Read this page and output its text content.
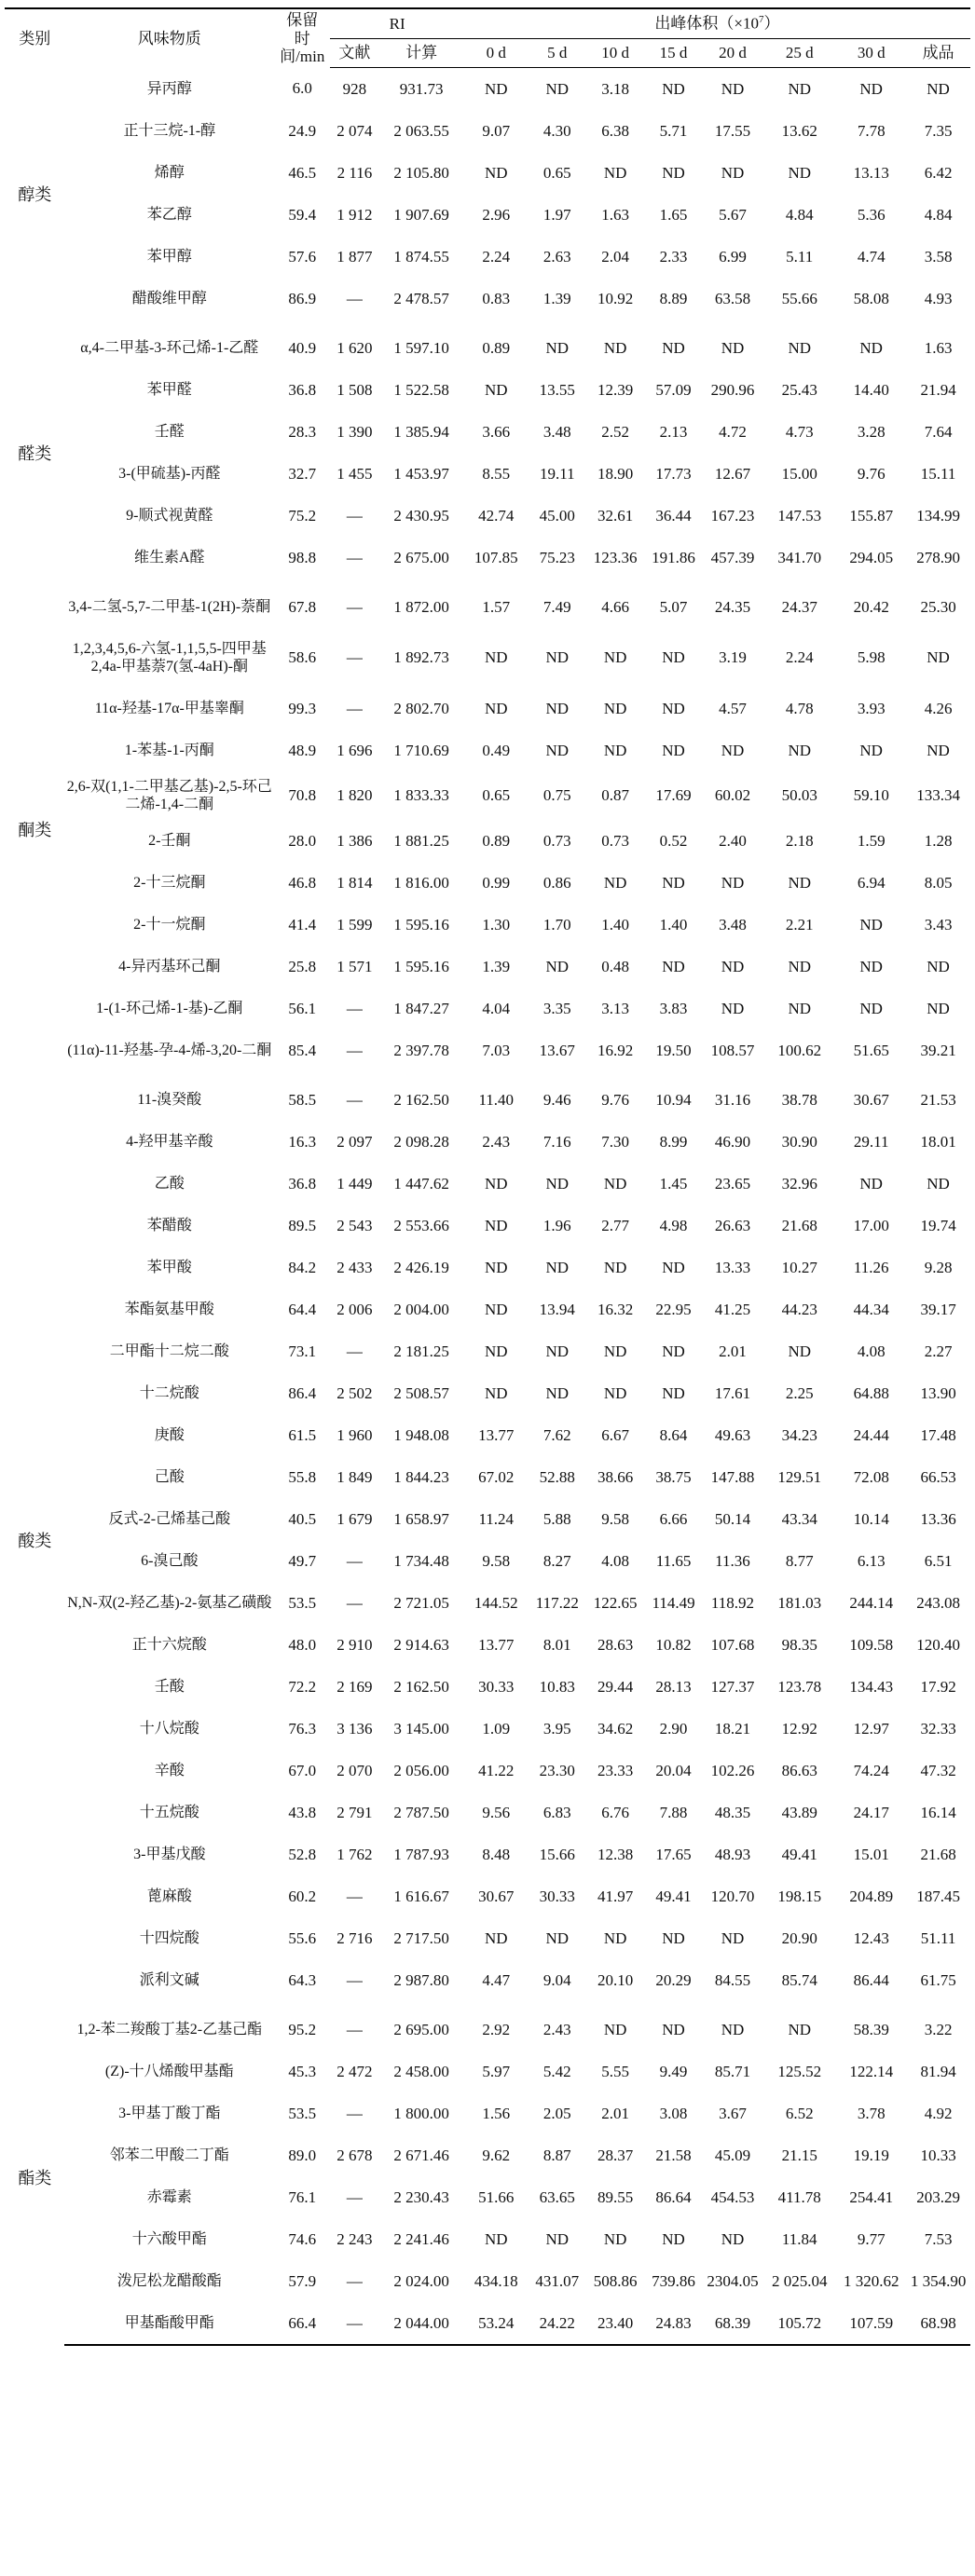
类别	风味物质	保留
时间/min	RI		出峰体积$(\times 10^7)$							
			文献	计算	0 d	5 d	10 d	15 d	20 d	25 d	30 d	成品
醇类	异丙醇	6.0	928	931.73	ND	ND	3.18	ND	ND	ND	ND	ND
	正十三烷-1-醇	24.9	2 074	2 063.55	9.07	4.30	6.38	5.71	17.55	13.62	7.78	7.35
	烯醇	46.5	2 116	2 105.80	ND	0.65	ND	ND	ND	ND	13.13	6.42
	苯乙醇	59.4	1 912	1 907.69	2.96	1.97	1.63	1.65	5.67	4.84	5.36	4.84
	苯甲醇	57.6	1 877	1 874.55	2.24	2.63	2.04	2.33	6.99	5.11	4.74	3.58
	醋酸维甲醇	86.9	—	2 478.57	0.83	1.39	10.92	8.89	63.58	55.66	58.08	4.93

醛类	α,4-二甲基-3-环己烯-1-乙醛	40.9	1 620	1 597.10	0.89	ND	ND	ND	ND	ND	ND	1.63
	苯甲醛	36.8	1 508	1 522.58	ND	13.55	12.39	57.09	290.96	25.43	14.40	21.94
	壬醛	28.3	1 390	1 385.94	3.66	3.48	2.52	2.13	4.72	4.73	3.28	7.64
	3-(甲硫基)-丙醛	32.7	1 455	1 453.97	8.55	19.11	18.90	17.73	12.67	15.00	9.76	15.11
	9-顺式视黄醛	75.2	—	2 430.95	42.74	45.00	32.61	36.44	167.23	147.53	155.87	134.99
	维生素A醛	98.8	—	2 675.00	107.85	75.23	123.36	191.86	457.39	341.70	294.05	278.90

酮类	3,4-二氢-5,7-二甲基-1(2H)-萘酮	67.8	—	1 872.00	1.57	7.49	4.66	5.07	24.35	24.37	20.42	25.30
	1,2,3,4,5,6-六氢-1,1,5,5-四甲基2,4a-甲基萘7(氢-4aH)-酮	58.6	—	1 892.73	ND	ND	ND	ND	3.19	2.24	5.98	ND
	11α-羟基-17α-甲基睾酮	99.3	—	2 802.70	ND	ND	ND	ND	4.57	4.78	3.93	4.26
	1-苯基-1-丙酮	48.9	1 696	1 710.69	0.49	ND	ND	ND	ND	ND	ND	ND
	2,6-双(1,1-二甲基乙基)-2,5-环己二烯-1,4-二酮	70.8	1 820	1 833.33	0.65	0.75	0.87	17.69	60.02	50.03	59.10	133.34
	2-壬酮	28.0	1 386	1 881.25	0.89	0.73	0.73	0.52	2.40	2.18	1.59	1.28
	2-十三烷酮	46.8	1 814	1 816.00	0.99	0.86	ND	ND	ND	ND	6.94	8.05
	2-十一烷酮	41.4	1 599	1 595.16	1.30	1.70	1.40	1.40	3.48	2.21	ND	3.43
	4-异丙基环己酮	25.8	1 571	1 595.16	1.39	ND	0.48	ND	ND	ND	ND	ND
	1-(1-环己烯-1-基)-乙酮	56.1	—	1 847.27	4.04	3.35	3.13	3.83	ND	ND	ND	ND
	(11α)-11-羟基-孕-4-烯-3,20-二酮	85.4	—	2 397.78	7.03	13.67	16.92	19.50	108.57	100.62	51.65	39.21

酸类	11-溴癸酸	58.5	—	2 162.50	11.40	9.46	9.76	10.94	31.16	38.78	30.67	21.53
	4-羟甲基辛酸	16.3	2 097	2 098.28	2.43	7.16	7.30	8.99	46.90	30.90	29.11	18.01
	乙酸	36.8	1 449	1 447.62	ND	ND	ND	1.45	23.65	32.96	ND	ND
	苯醋酸	89.5	2 543	2 553.66	ND	1.96	2.77	4.98	26.63	21.68	17.00	19.74
	苯甲酸	84.2	2 433	2 426.19	ND	ND	ND	ND	13.33	10.27	11.26	9.28
	苯酯氨基甲酸	64.4	2 006	2 004.00	ND	13.94	16.32	22.95	41.25	44.23	44.34	39.17
	二甲酯十二烷二酸	73.1	—	2 181.25	ND	ND	ND	ND	2.01	ND	4.08	2.27
	十二烷酸	86.4	2 502	2 508.57	ND	ND	ND	ND	17.61	2.25	64.88	13.90
	庚酸	61.5	1 960	1 948.08	13.77	7.62	6.67	8.64	49.63	34.23	24.44	17.48
	己酸	55.8	1 849	1 844.23	67.02	52.88	38.66	38.75	147.88	129.51	72.08	66.53
	反式-2-己烯基己酸	40.5	1 679	1 658.97	11.24	5.88	9.58	6.66	50.14	43.34	10.14	13.36
	6-溴己酸	49.7	—	1 734.48	9.58	8.27	4.08	11.65	11.36	8.77	6.13	6.51
	N,N-双(2-羟乙基)-2-氨基乙磺酸	53.5	—	2 721.05	144.52	117.22	122.65	114.49	118.92	181.03	244.14	243.08
	正十六烷酸	48.0	2 910	2 914.63	13.77	8.01	28.63	10.82	107.68	98.35	109.58	120.40
	壬酸	72.2	2 169	2 162.50	30.33	10.83	29.44	28.13	127.37	123.78	134.43	17.92
	十八烷酸	76.3	3 136	3 145.00	1.09	3.95	34.62	2.90	18.21	12.92	12.97	32.33
	辛酸	67.0	2 070	2 056.00	41.22	23.30	23.33	20.04	102.26	86.63	74.24	47.32
	十五烷酸	43.8	2 791	2 787.50	9.56	6.83	6.76	7.88	48.35	43.89	24.17	16.14
	3-甲基戊酸	52.8	1 762	1 787.93	8.48	15.66	12.38	17.65	48.93	49.41	15.01	21.68
	蓖麻酸	60.2	—	1 616.67	30.67	30.33	41.97	49.41	120.70	198.15	204.89	187.45
	十四烷酸	55.6	2 716	2 717.50	ND	ND	ND	ND	ND	20.90	12.43	51.11
	派利文碱	64.3	—	2 987.80	4.47	9.04	20.10	20.29	84.55	85.74	86.44	61.75

酯类	1,2-苯二羧酸丁基2-乙基己酯	95.2	—	2 695.00	2.92	2.43	ND	ND	ND	ND	58.39	3.22
	(Z)-十八烯酸甲基酯	45.3	2 472	2 458.00	5.97	5.42	5.55	9.49	85.71	125.52	122.14	81.94
	3-甲基丁酸丁酯	53.5	—	1 800.00	1.56	2.05	2.01	3.08	3.67	6.52	3.78	4.92
	邻苯二甲酸二丁酯	89.0	2 678	2 671.46	9.62	8.87	28.37	21.58	45.09	21.15	19.19	10.33
	赤霉素	76.1	—	2 230.43	51.66	63.65	89.55	86.64	454.53	411.78	254.41	203.29
	十六酸甲酯	74.6	2 243	2 241.46	ND	ND	ND	ND	ND	11.84	9.77	7.53
	泼尼松龙醋酸酯	57.9	—	2 024.00	434.18	431.07	508.86	739.86	2304.05	2 025.04	1 320.62	1 354.90
	甲基酯酸甲酯	66.4	—	2 044.00	53.24	24.22	23.40	24.83	68.39	105.72	107.59	68.98
